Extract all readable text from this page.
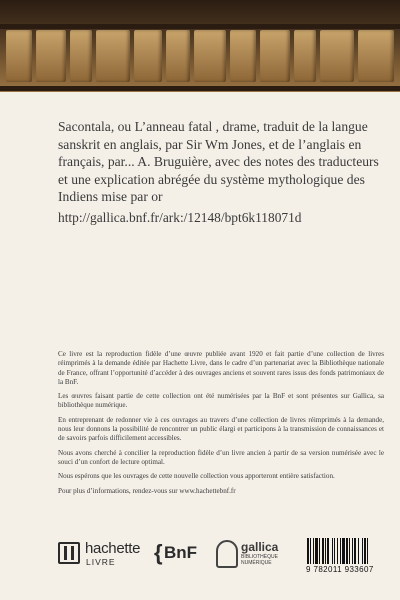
Sacontala, ou L’anneau fatal , drame, traduit de la langue sanskrit en anglais, par Sir Wm Jones, et de l’anglais en français, par... A. Bruguière, avec des notes des traducteurs et une explication abrégée du système mythologique des Indiens mise par or
http://gallica.bnf.fr/ark:/12148/bpt6k118071d

Ce livre est la reproduction fidèle d’une œuvre publiée avant 1920 et fait partie d’une collection de livres réimprimés à la demande éditée par Hachette Livre, dans le cadre d’un partenariat avec la Bibliothèque nationale de France, offrant l’opportunité d’accéder à des ouvrages anciens et souvent rares issus des fonds patrimoniaux de la BnF.

Les œuvres faisant partie de cette collection ont été numérisées par la BnF et sont présentes sur Gallica, sa bibliothèque numérique.

En entreprenant de redonner vie à ces ouvrages au travers d’une collection de livres réimprimés à la demande, nous leur donnons la possibilité de rencontrer un public élargi et participons à la transmission de connaissances et de savoirs parfois difficilement accessibles.

Nous avons cherché à concilier la reproduction fidèle d’un livre ancien à partir de sa version numérisée avec le souci d’un confort de lecture optimal.

Nous espérons que les ouvrages de cette nouvelle collection vous apporteront entière satisfaction.

Pour plus d’informations, rendez-vous sur www.hachettebnf.fr

hachette
LIVRE { BnF	gallica
BIBLIOTHÈQUE NUMÉRIQUE
9 782011 933607
